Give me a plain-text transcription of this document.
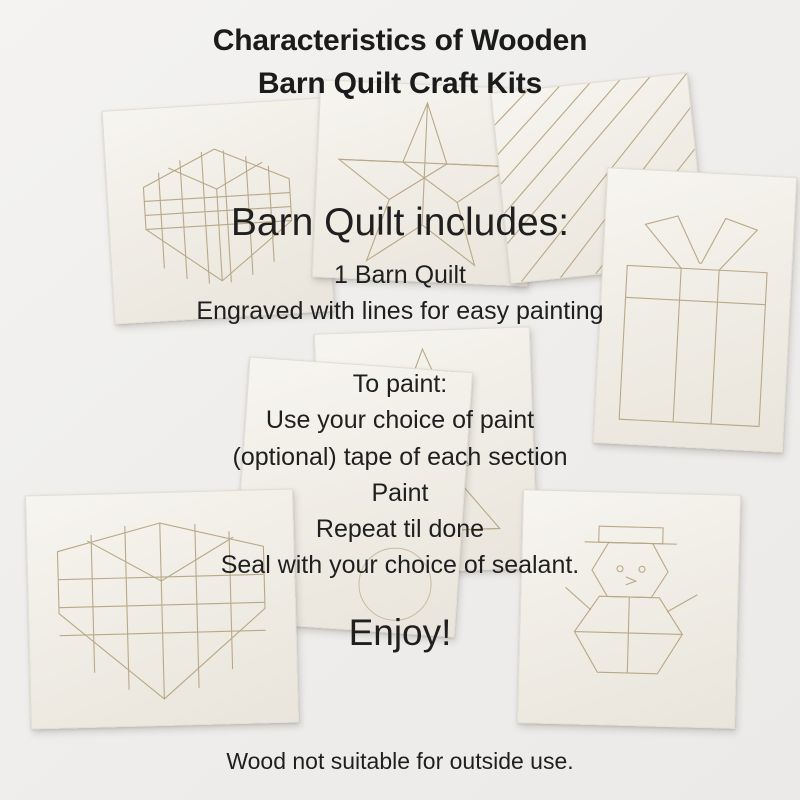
Characteristics of Wooden
Barn Quilt Craft Kits
Barn Quilt includes:
1 Barn Quilt
Engraved with lines for easy painting
To paint:
Use your choice of paint
(optional) tape of each section
Paint
Repeat til done
Seal with your choice of sealant.
Enjoy!
Wood not suitable for outside use.
